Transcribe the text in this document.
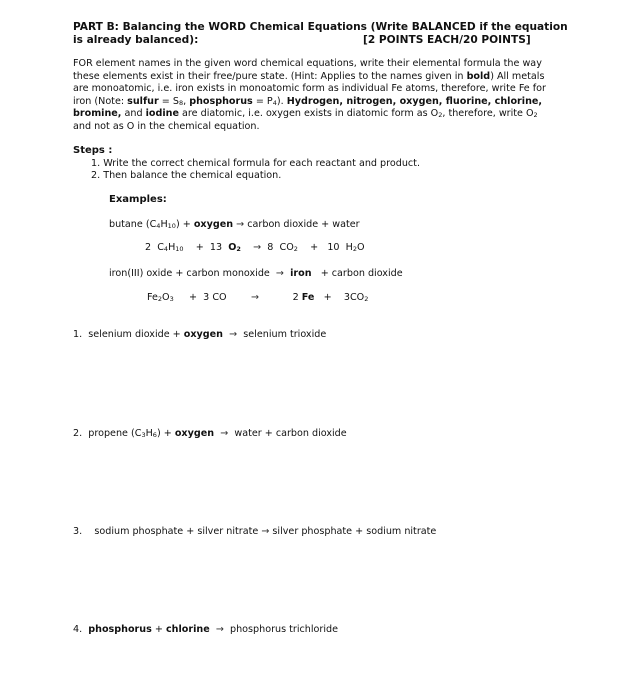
PART B: Balancing the WORD Chemical Equations (Write BALANCED if the equation
is already balanced):	[2 POINTS EACH/20 POINTS]
FOR element names in the given word chemical equations, write their elemental formula the way these elements exist in their free/pure state. (Hint: Applies to the names given in bold) All metals are monoatomic, i.e. iron exists in monoatomic form as individual Fe atoms, therefore, write Fe for iron (Note: sulfur = $S_8$, phosphorus = $P_4$). Hydrogen, nitrogen, oxygen, fluorine, chlorine, bromine, and iodine are diatomic, i.e. oxygen exists in diatomic form as $O_2$, therefore, write $O_2$ and not as O in the chemical equation.
Steps :
1. Write the correct chemical formula for each reactant and product.
2. Then balance the chemical equation.
Examples:
butane $(C_4H_{10})$ + oxygen → carbon dioxide + water
2 $C_4H_{10} + 13$ $O_2 \to 8$ $CO_2 + 10$ $H_2O$
iron(III) oxide + carbon monoxide → iron + carbon dioxide
$Fe_2O_3 + 3$ CO	→	2 $Fe + 3CO_2$
1. selenium dioxide + oxygen → selenium trioxide
2. propene $(C_3H_6)$ + oxygen → water + carbon dioxide
3. sodium phosphate + silver nitrate → silver phosphate + sodium nitrate
4. phosphorus + chlorine → phosphorus trichloride
